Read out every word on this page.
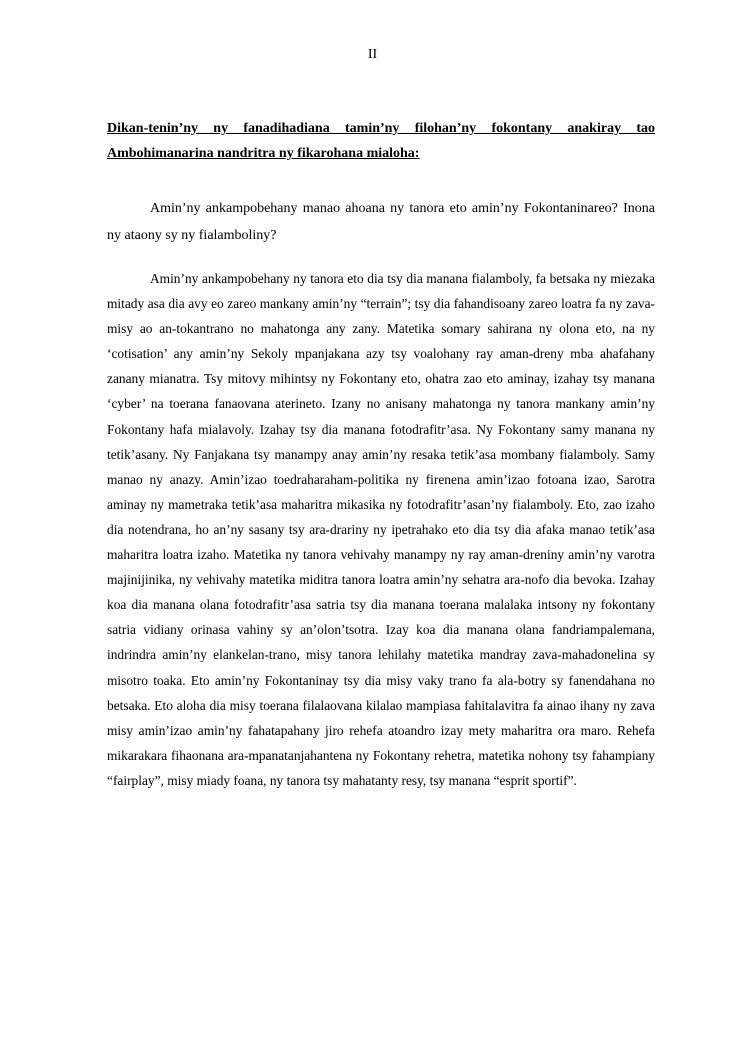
II

Dikan-tenin’ny ny fanadihadiana tamin’ny filohan’ny fokontany anakiray tao Ambohimanarina nandritra ny fikarohana mialoha:

Amin’ny ankampobehany manao ahoana ny tanora eto amin’ny Fokontaninareo? Inona ny ataony sy ny fialamboliny?

Amin’ny ankampobehany ny tanora eto dia tsy dia manana fialamboly, fa betsaka ny miezaka mitady asa dia avy eo zareo mankany amin’ny “terrain”; tsy dia fahandisoany zareo loatra fa ny zava-misy ao an-tokantrano no mahatonga any zany. Matetika somary sahirana ny olona eto, na ny ‘cotisation’ any amin’ny Sekoly mpanjakana azy tsy voalohany ray aman-dreny mba ahafahany zanany mianatra. Tsy mitovy mihintsy ny Fokontany eto, ohatra zao eto aminay, izahay tsy manana ‘cyber’ na toerana fanaovana aterineto. Izany no anisany mahatonga ny tanora mankany amin’ny Fokontany hafa mialavoly. Izahay tsy dia manana fotodrafitr’asa. Ny Fokontany samy manana ny tetik’asany. Ny Fanjakana tsy manampy anay amin’ny resaka tetik’asa mombany fialamboly. Samy manao ny anazy. Amin’izao toedraharaham-politika ny firenena amin’izao fotoana izao, Sarotra aminay ny mametraka tetik’asa maharitra mikasika ny fotodrafitr’asan’ny fialamboly. Eto, zao izaho dia notendrana, ho an’ny sasany tsy ara-drariny ny ipetrahako eto dia tsy dia afaka manao tetik’asa maharitra loatra izaho. Matetika ny tanora vehivahy manampy ny ray aman-dreniny amin’ny varotra majinijinika, ny vehivahy matetika miditra tanora loatra amin’ny sehatra ara-nofo dia bevoka. Izahay koa dia manana olana fotodrafitr’asa satria tsy dia manana toerana malalaka intsony ny fokontany satria vidiany orinasa vahiny sy an’olon’tsotra. Izay koa dia manana olana fandriampalemana, indrindra amin’ny elankelan-trano, misy tanora lehilahy matetika mandray zava-mahadonelina sy misotro toaka. Eto amin’ny Fokontaninay tsy dia misy vaky trano fa ala-botry sy fanendahana no betsaka. Eto aloha dia misy toerana filalaovana kilalao mampiasa fahitalavitra fa ainao ihany ny zava misy amin’izao amin’ny fahatapahany jiro rehefa atoandro izay mety maharitra ora maro. Rehefa mikarakara fihaonana ara-mpanatanjahantena ny Fokontany rehetra, matetika nohony tsy fahampiany “fairplay”, misy miady foana, ny tanora tsy mahatanty resy, tsy manana “esprit sportif”.
